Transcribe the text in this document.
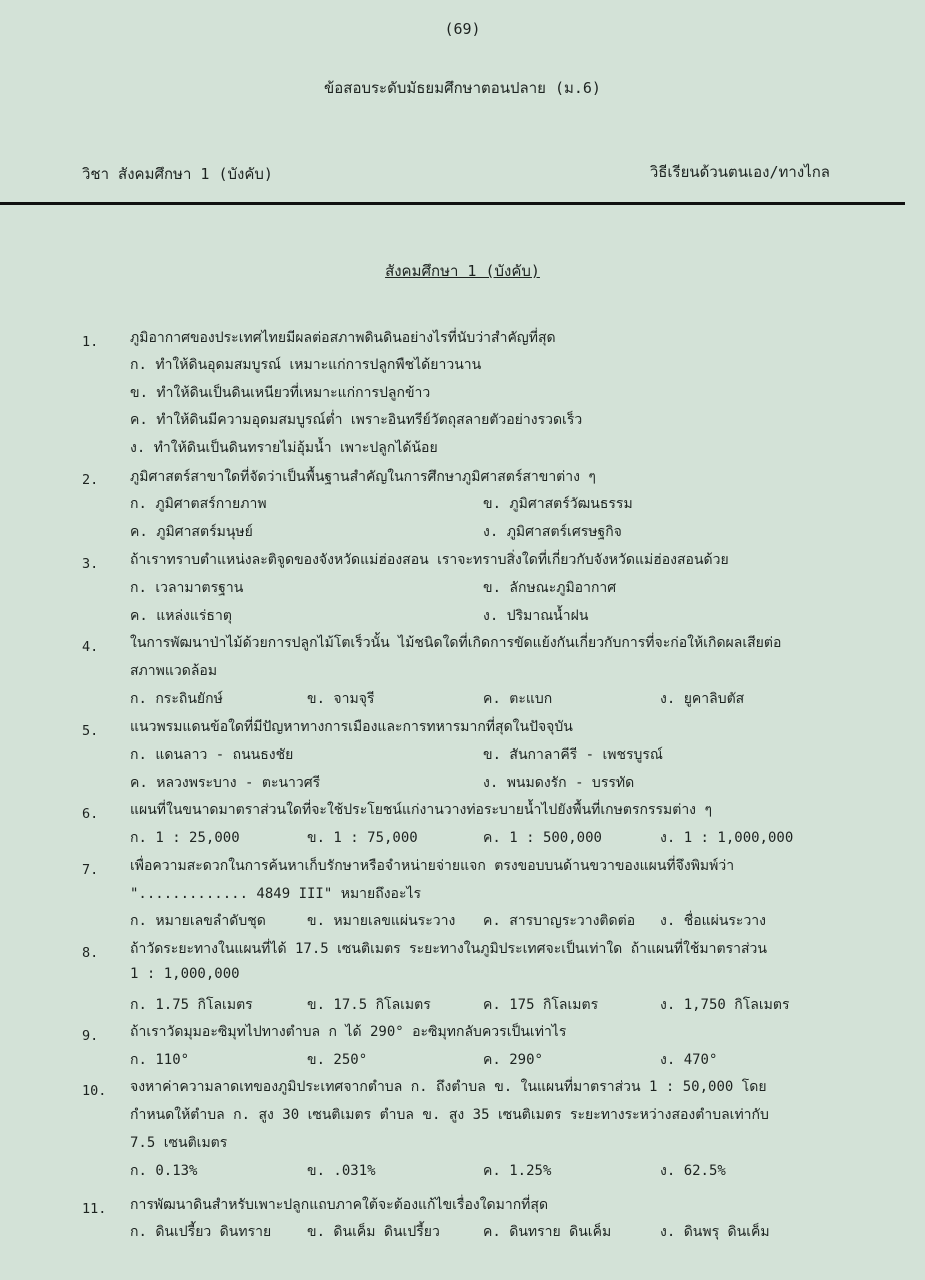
(69)
ข้อสอบระดับมัธยมศึกษาตอนปลาย (ม.6)
วิชา สังคมศึกษา 1 (บังคับ)	วิธีเรียนด้วนตนเอง/ทางไกล
สังคมศึกษา 1 (บังคับ)
1. ภูมิอากาศของประเทศไทยมีผลต่อสภาพดินดินอย่างไรที่นับว่าสำคัญที่สุด
ก. ทำให้ดินอุดมสมบูรณ์ เหมาะแก่การปลูกพืชได้ยาวนาน
ข. ทำให้ดินเป็นดินเหนียวที่เหมาะแก่การปลูกข้าว
ค. ทำให้ดินมีความอุดมสมบูรณ์ต่ำ เพราะอินทรีย์วัตถุสลายตัวอย่างรวดเร็ว
ง. ทำให้ดินเป็นดินทรายไม่อุ้มน้ำ เพาะปลูกได้น้อย
2. ภูมิศาสตร์สาขาใดที่จัดว่าเป็นพื้นฐานสำคัญในการศึกษาภูมิศาสตร์สาขาต่าง ๆ
ก. ภูมิศาตสร์กายภาพ	ข. ภูมิศาสตร์วัฒนธรรม
ค. ภูมิศาสตร์มนุษย์	ง. ภูมิศาสตร์เศรษฐกิจ
3. ถ้าเราทราบตำแหน่งละติจูดของจังหวัดแม่ฮ่องสอน เราจะทราบสิ่งใดที่เกี่ยวกับจังหวัดแม่ฮ่องสอนด้วย
ก. เวลามาตรฐาน	ข. ลักษณะภูมิอากาศ
ค. แหล่งแร่ธาตุ	ง. ปริมาณน้ำฝน
4. ในการพัฒนาป่าไม้ด้วยการปลูกไม้โตเร็วนั้น ไม้ชนิดใดที่เกิดการขัดแย้งกันเกี่ยวกับการที่จะก่อให้เกิดผลเสียต่อ
สภาพแวดล้อม
ก. กระถินยักษ์	ข. จามจุรี	ค. ตะแบก	ง. ยูคาลิบตัส
5. แนวพรมแดนข้อใดที่มีปัญหาทางการเมืองและการทหารมากที่สุดในปัจจุบัน
ก. แดนลาว - ถนนธงชัย	ข. สันกาลาคีรี - เพชรบูรณ์
ค. หลวงพระบาง - ตะนาวศรี	ง. พนมดงรัก - บรรทัด
6. แผนที่ในขนาดมาตราส่วนใดที่จะใช้ประโยชน์แก่งานวางท่อระบายน้ำไปยังพื้นที่เกษตรกรรมต่าง ๆ
ก. 1 : 25,000	ข. 1 : 75,000	ค. 1 : 500,000	ง. 1 : 1,000,000
7. เพื่อความสะดวกในการค้นหาเก็บรักษาหรือจำหน่ายจ่ายแจก ตรงขอบบนด้านขวาของแผนที่จึงพิมพ์ว่า
"............. 4849 III" หมายถึงอะไร
ก. หมายเลขลำดับชุด	ข. หมายเลขแผ่นระวาง ค. สารบาญระวางติดต่อ ง. ชื่อแผ่นระวาง
8. ถ้าวัดระยะทางในแผนที่ได้ 17.5 เซนติเมตร ระยะทางในภูมิประเทศจะเป็นเท่าใด ถ้าแผนที่ใช้มาตราส่วน
1 : 1,000,000
ก. 1.75 กิโลเมตร	ข. 17.5 กิโลเมตร	ค. 175 กิโลเมตร	ง. 1,750 กิโลเมตร
9. ถ้าเราวัดมุมอะซิมุทไปทางตำบล ก ได้ 290° อะซิมุทกลับควรเป็นเท่าไร
ก. 110°	ข. 250°	ค. 290°	ง. 470°
10. จงหาค่าความลาดเทของภูมิประเทศจากตำบล ก. ถึงตำบล ข. ในแผนที่มาตราส่วน 1 : 50,000 โดย
กำหนดให้ตำบล ก. สูง 30 เซนติเมตร ตำบล ข. สูง 35 เซนติเมตร ระยะทางระหว่างสองตำบลเท่ากับ
7.5 เซนติเมตร
ก. 0.13%	ข. .031%	ค. 1.25%	ง. 62.5%
11. การพัฒนาดินสำหรับเพาะปลูกแถบภาคใต้จะต้องแก้ไขเรื่องใดมากที่สุด
ก. ดินเปรี้ยว ดินทราย	ข. ดินเค็ม ดินเปรี้ยว	ค. ดินทราย ดินเค็ม	ง. ดินพรุ ดินเค็ม
